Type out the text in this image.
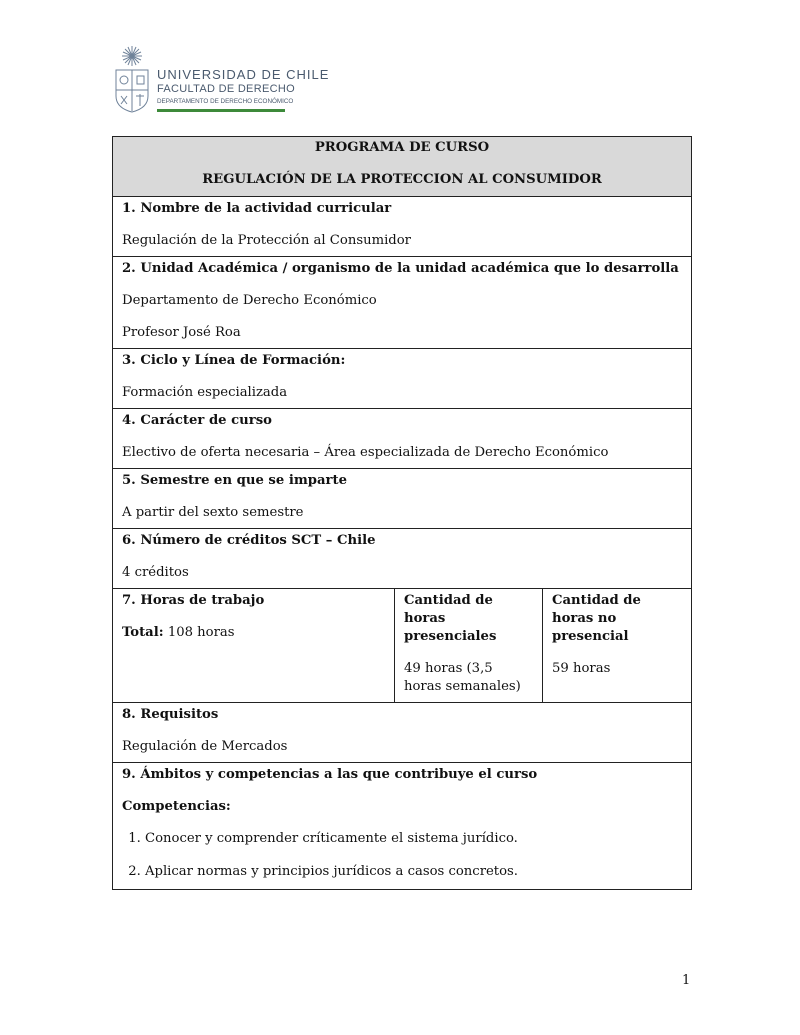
UNIVERSIDAD DE CHILE
FACULTAD DE DERECHO
DEPARTAMENTO DE DERECHO ECONÓMICO
PROGRAMA DE CURSO
REGULACIÓN DE LA PROTECCION AL CONSUMIDOR

1. Nombre de la actividad curricular
Regulación de la Protección al Consumidor

2. Unidad Académica / organismo de la unidad académica que lo desarrolla
Departamento de Derecho Económico
Profesor José Roa

3. Ciclo y Línea de Formación:
Formación especializada

4. Carácter de curso
Electivo de oferta necesaria – Área especializada de Derecho Económico

5. Semestre en que se imparte
A partir del sexto semestre

6. Número de créditos SCT – Chile
4 créditos

7. Horas de trabajo
Total: 108 horas

Cantidad de horas presenciales
49 horas (3,5 horas semanales)

Cantidad de horas no presencial
59 horas

8. Requisitos
Regulación de Mercados

9. Ámbitos y competencias a las que contribuye el curso
Competencias:
1. Conocer y comprender críticamente el sistema jurídico.
2. Aplicar normas y principios jurídicos a casos concretos.
1
